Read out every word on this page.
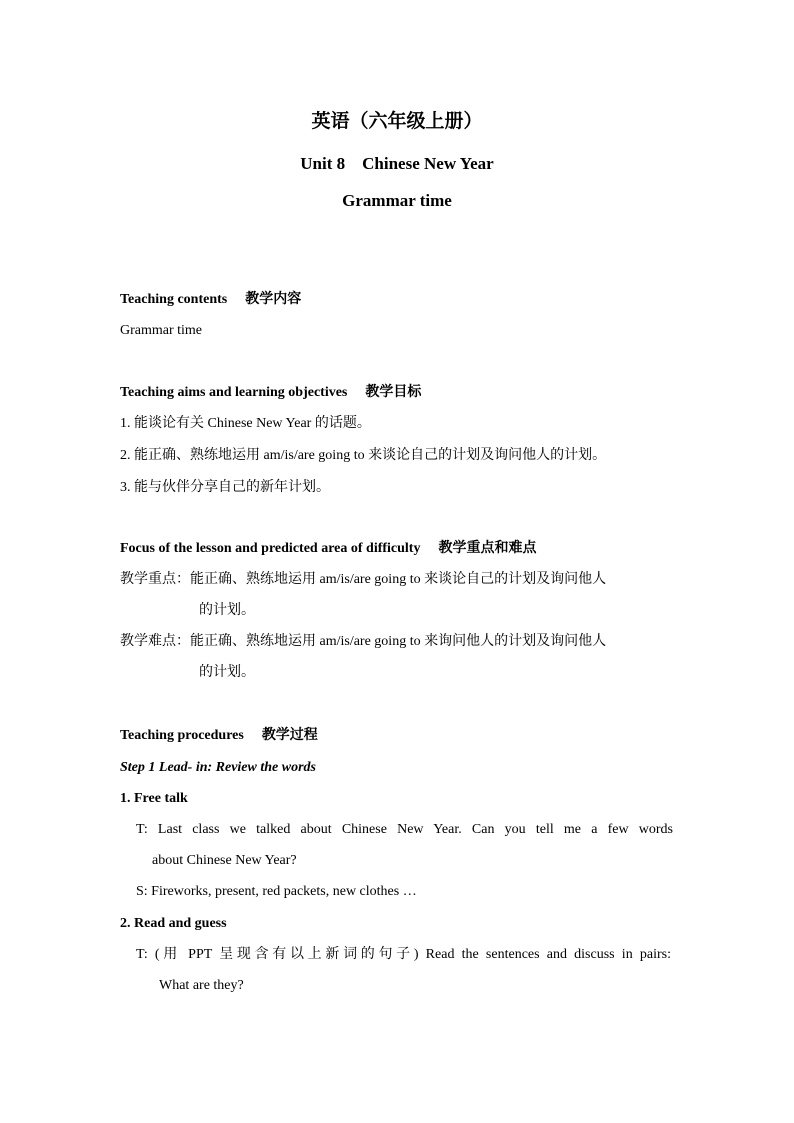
英语（六年级上册）
Unit 8　Chinese New Year
Grammar time
Teaching contents 教学内容
Grammar time
Teaching aims and learning objectives 教学目标
1. 能谈论有关 Chinese New Year 的话题。
2. 能正确、熟练地运用 am/is/are going to 来谈论自己的计划及询问他人的计划。
3. 能与伙伴分享自己的新年计划。
Focus of the lesson and predicted area of difficulty 教学重点和难点
教学重点：能正确、熟练地运用 am/is/are going to 来谈论自己的计划及询问他人
的计划。
教学难点：能正确、熟练地运用 am/is/are going to 来询问他人的计划及询问他人
的计划。
Teaching procedures 教学过程
Step 1 Lead- in: Review the words
1. Free talk
T: Last class we talked about Chinese New Year. Can you tell me a few words
about Chinese New Year?
S: Fireworks, present, red packets, new clothes …
2. Read and guess
T: (用 PPT 呈现含有以上新词的句子) Read the sentences and discuss in pairs:
What are they?
